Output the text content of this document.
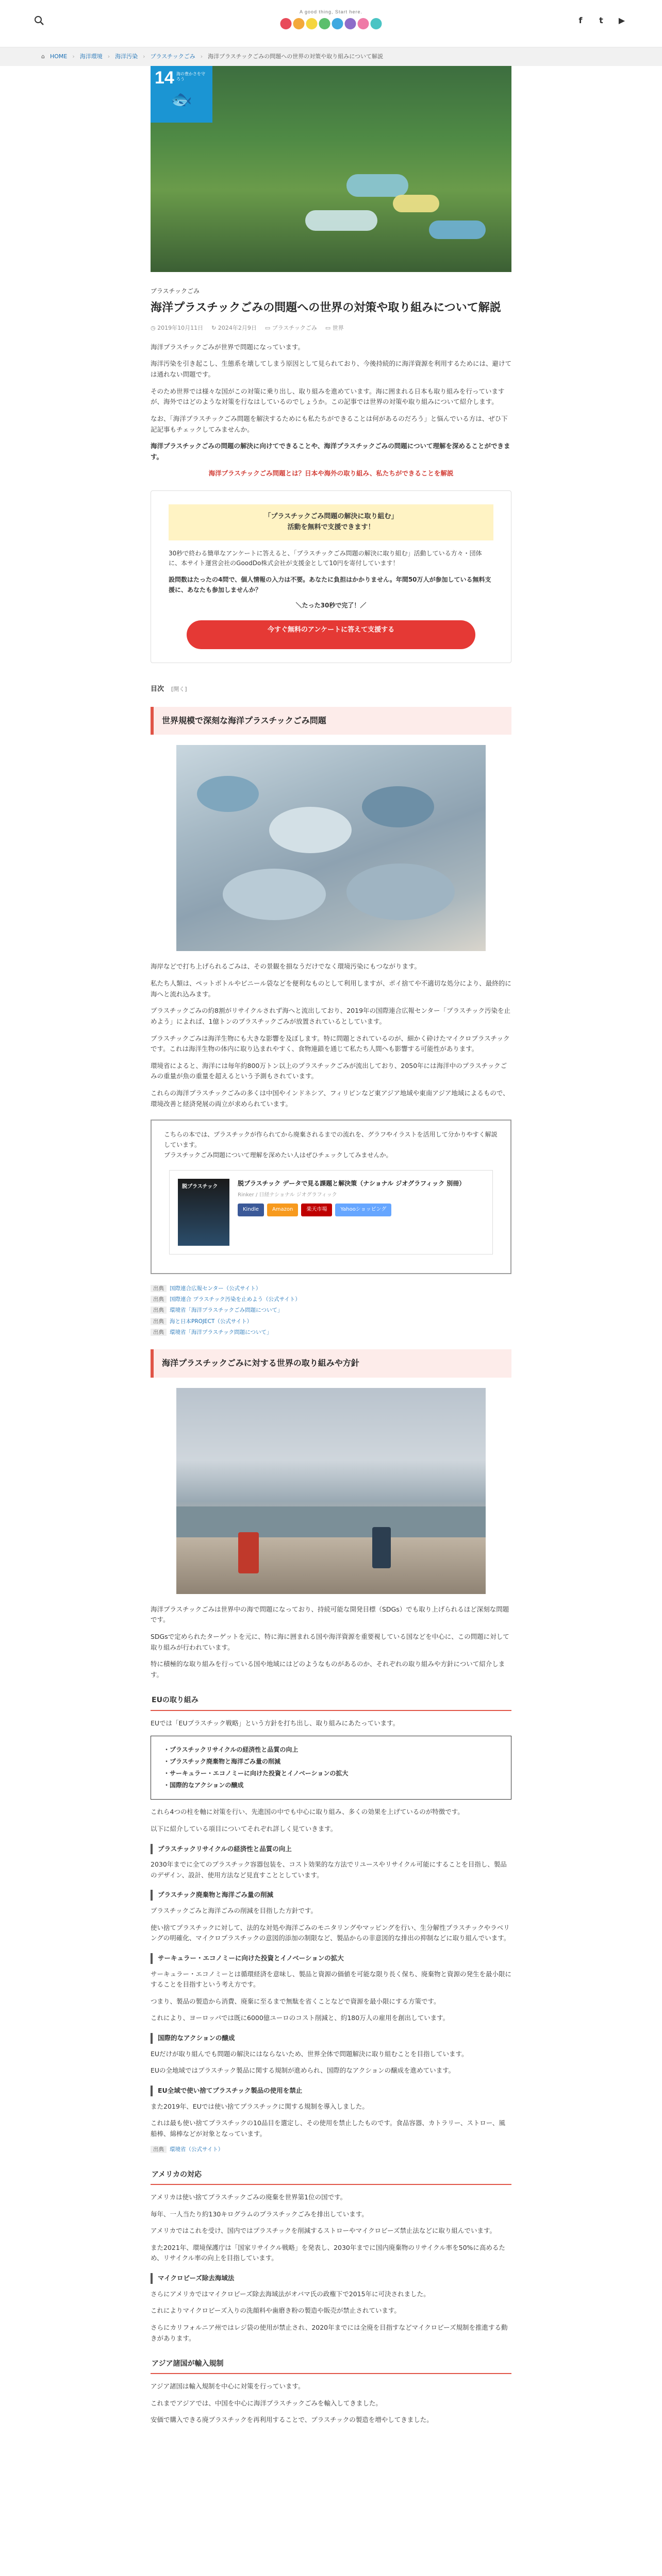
A good thing, Start here.
f	t	▶
⌂ HOME › 海洋環境 › 海洋汚染 › プラスチックごみ › 海洋プラスチックごみの問題への世界の対策や取り組みについて解説
14 海の豊かさを守ろう
🐟
プラスチックごみ
海洋プラスチックごみの問題への世界の対策や取り組みについて解説
◷ 2019年10月11日 ↻ 2024年2月9日 ▭ プラスチックごみ ▭ 世界

海洋プラスチックごみが世界で問題になっています。

海洋汚染を引き起こし、生態系を壊してしまう原因として見られており、今後持続的に海洋資源を利用するためには、避けては通れない問題です。

そのため世界では様々な国がこの対策に乗り出し、取り組みを進めています。海に囲まれる日本も取り組みを行っていますが、海外ではどのような対策を行なはしているのでしょうか。この記事では世界の対策や取り組みについて紹介します。

なお、「海洋プラスチックごみ問題を解決するためにも私たちができることは何があるのだろう」と悩んでいる方は、ぜひ下記記事もチェックしてみませんか。

海洋プラスチックごみの問題の解決に向けてできることや、海洋プラスチックごみの問題について理解を深めることができます。

海洋プラスチックごみ問題とは？日本や海外の取り組み、私たちができることを解説

「プラスチックごみ問題の解決に取り組む」
活動を無料で支援できます！

30秒で終わる簡単なアンケートに答えると、「プラスチックごみ問題の解決に取り組む」活動している方々・団体に、本サイト運営会社のGoodDo株式会社が支援金として10円を寄付しています！

設問数はたったの4問で、個人情報の入力は不要。あなたに負担はかかりません。年間50万人が参加している無料支援に、あなたも参加しませんか？

＼たった30秒で完了！／

今すぐ無料のアンケートに答えて支援する
目次 [開く]
世界規模で深刻な海洋プラスチックごみ問題

海岸などで打ち上げられるごみは、その景観を損なうだけでなく環境汚染にもつながります。

私たち人類は、ペットボトルやビニール袋などを便利なものとして利用しますが、ポイ捨てや不適切な処分により、最終的に海へと流れ込みます。

プラスチックごみの約8割がリサイクルされず海へと流出しており、2019年の国際連合広報センター「プラスチック汚染を止めよう」によれば、1億トンのプラスチックごみが放置されているとしています。

プラスチックごみは海洋生物にも大きな影響を及ぼします。特に問題とされているのが、細かく砕けたマイクロプラスチックです。これは海洋生物の体内に取り込まれやすく、食物連鎖を通じて私たち人間へも影響する可能性があります。

環境省によると、海洋には毎年約800万トン以上のプラスチックごみが流出しており、2050年には海洋中のプラスチックごみの重量が魚の重量を超えるという予測もされています。

これらの海洋プラスチックごみの多くは中国やインドネシア、フィリピンなど東アジア地域や東南アジア地域によるもので、環境改善と経済発展の両立が求められています。

こちらの本では、プラスチックが作られてから廃棄されるまでの流れを、グラフやイラストを活用して分かりやすく解説しています。

プラスチックごみ問題について理解を深めたい人はぜひチェックしてみませんか。

脱プラスチック	脱プラスチック データで見る課題と解決策（ナショナル ジオグラフィック 別冊）
Rinker / 日経ナショナル ジオグラフィック
Kindle	Amazon	楽天市場	Yahooショッピング
出典 国際連合広報センター（公式サイト）
出典 国際連合 プラスチック汚染を止めよう（公式サイト）
出典 環境省「海洋プラスチックごみ問題について」
出典 海と日本PROJECT（公式サイト）
出典 環境省「海洋プラスチック問題について」
海洋プラスチックごみに対する世界の取り組みや方針

海洋プラスチックごみは世界中の海で問題になっており、持続可能な開発目標（SDGs）でも取り上げられるほど深刻な問題です。

SDGsで定められたターゲットを元に、特に海に囲まれる国や海洋資源を重要視している国などを中心に、この問題に対して取り組みが行われています。

特に積極的な取り組みを行っている国や地域にはどのようなものがあるのか、それぞれの取り組みや方針について紹介します。

EUの取り組み

EUでは「EUプラスチック戦略」という方針を打ち出し、取り組みにあたっています。

・プラスチックリサイクルの経済性と品質の向上
・プラスチック廃棄物と海洋ごみ量の削減
・サーキュラー・エコノミーに向けた投資とイノベーションの拡大
・国際的なアクションの醸成

これら4つの柱を軸に対策を行い、先進国の中でも中心に取り組み、多くの効果を上げているのが特徴です。

以下に紹介している項目についてそれぞれ詳しく見ていきます。

プラスチックリサイクルの経済性と品質の向上

2030年までに全てのプラスチック容器包装を、コスト効果的な方法でリユースやリサイクル可能にすることを目指し、製品のデザイン、設計、使用方法など見直すこととしています。

プラスチック廃棄物と海洋ごみ量の削減

プラスチックごみと海洋ごみの削減を目指した方針です。

使い捨てプラスチックに対して、法的な対処や海洋ごみのモニタリングやマッピングを行い、生分解性プラスチックやラベリングの明確化、マイクロプラスチックの意図的添加の制限など、製品からの非意図的な排出の抑制などに取り組んでいます。

サーキュラー・エコノミーに向けた投資とイノベーションの拡大

サーキュラー・エコノミーとは循環経済を意味し、製品と資源の価値を可能な限り長く保ち、廃棄物と資源の発生を最小限にすることを目指すという考え方です。

つまり、製品の製造から消費、廃棄に至るまで無駄を省くことなどで資源を最小限にする方策です。

これにより、ヨーロッパでは既に6000億ユーロのコスト削減と、約180万人の雇用を創出しています。

国際的なアクションの醸成

EUだけが取り組んでも問題の解決にはならないため、世界全体で問題解決に取り組むことを目指しています。

EUの全地域ではプラスチック製品に関する規制が進められ、国際的なアクションの醸成を進めています。

EU全域で使い捨てプラスチック製品の使用を禁止

また2019年、EUでは使い捨てプラスチックに関する規制を導入しました。

これは最も使い捨てプラスチックの10品目を選定し、その使用を禁止したものです。食品容器、カトラリー、ストロー、風船棒、綿棒などが対象となっています。

出典 環境省（公式サイト）
アメリカの対応

アメリカは使い捨てプラスチックごみの廃棄を世界第1位の国です。

毎年、一人当たり約130キログラムのプラスチックごみを排出しています。

アメリカではこれを受け、国内ではプラスチックを削減するストローやマイクロビーズ禁止法などに取り組んでいます。

また2021年、環境保護庁は「国家リサイクル戦略」を発表し、2030年までに国内廃棄物のリサイクル率を50%に高めるため、リサイクル率の向上を目指しています。

マイクロビーズ除去海域法

さらにアメリカではマイクロビーズ除去海域法がオバマ氏の政権下で2015年に可決されました。

これによりマイクロビーズ入りの洗顔料や歯磨き粉の製造や販売が禁止されています。

さらにカリフォルニア州ではレジ袋の使用が禁止され、2020年までには全廃を目指すなどマイクロビーズ規制を推進する動きがあります。

アジア諸国が輸入規制

アジア諸国は輸入規制を中心に対策を行っています。

これまでアジアでは、中国を中心に海洋プラスチックごみを輸入してきました。

安価で購入できる廃プラスチックを再利用することで、プラスチックの製造を増やしてきました。
